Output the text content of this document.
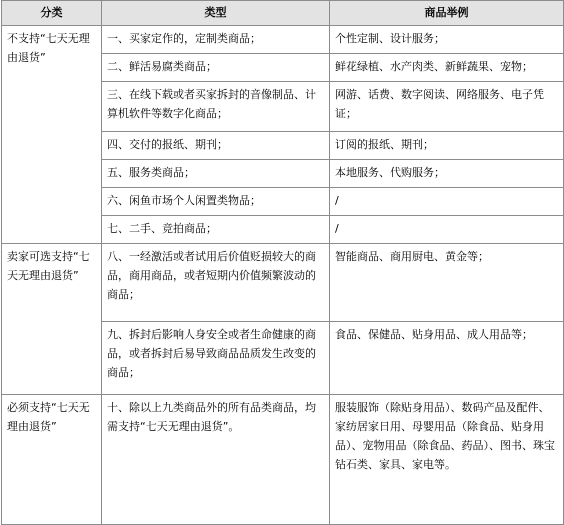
分类	类型	商品举例
不支持“七天无理由退货”	一、买家定作的，定制类商品；	个性定制、设计服务；
	二、鲜活易腐类商品；	鲜花绿植、水产肉类、新鲜蔬果、宠物；
	三、在线下载或者买家拆封的音像制品、计算机软件等数字化商品；	网游、话费、数字阅读、网络服务、电子凭证；
	四、交付的报纸、期刊；	订阅的报纸、期刊；
	五、服务类商品；	本地服务、代购服务；
	六、闲鱼市场个人闲置类物品；	/
	七、二手、竞拍商品；	/
卖家可选支持“七天无理由退货”	八、一经激活或者试用后价值贬损较大的商品，商用商品，或者短期内价值频繁波动的商品；	智能商品、商用厨电、黄金等；
	九、拆封后影响人身安全或者生命健康的商品，或者拆封后易导致商品品质发生改变的商品；	食品、保健品、贴身用品、成人用品等；
必须支持“七天无理由退货”	十、除以上九类商品外的所有品类商品，均需支持“七天无理由退货”。	服装服饰（除贴身用品）、数码产品及配件、家纺居家日用、母婴用品（除食品、贴身用品）、宠物用品（除食品、药品）、图书、珠宝钻石类、家具、家电等。
